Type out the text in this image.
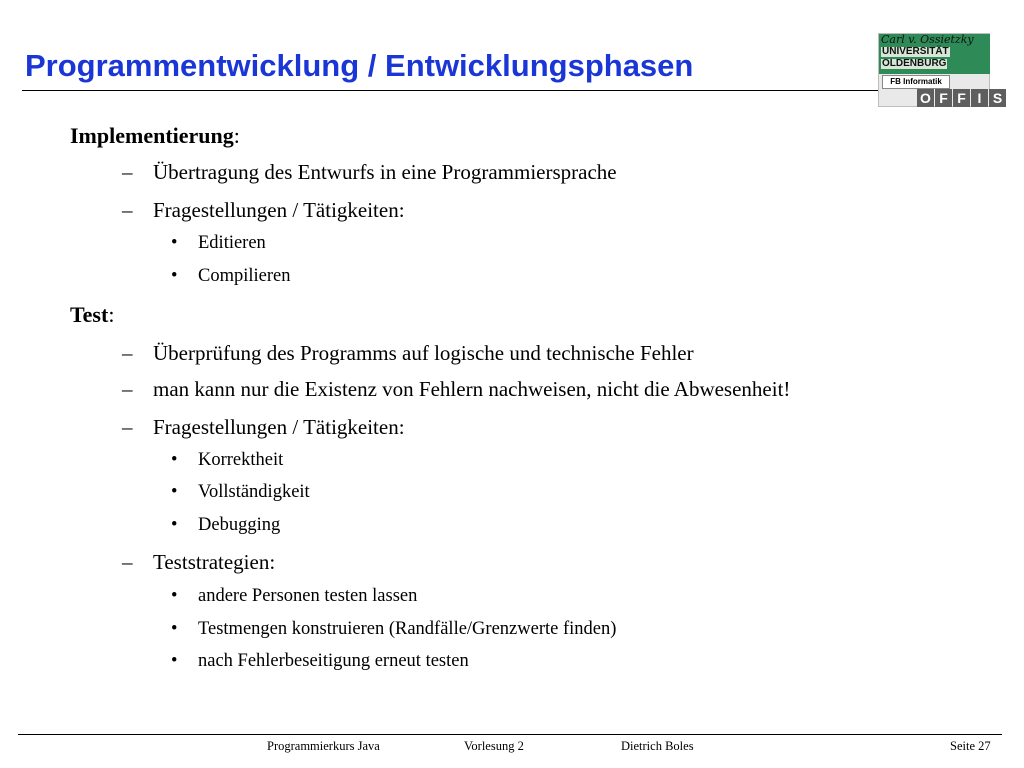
Programmentwicklung / Entwicklungsphasen
Carl v. Ossietzky
UNIVERSITÄT
OLDENBURG
FB Informatik
O F F I S
Implementierung:
– Übertragung des Entwurfs in eine Programmiersprache
– Fragestellungen / Tätigkeiten:
• Editieren
• Compilieren
Test:
– Überprüfung des Programms auf logische und technische Fehler
– man kann nur die Existenz von Fehlern nachweisen, nicht die Abwesenheit!
– Fragestellungen / Tätigkeiten:
• Korrektheit
• Vollständigkeit
• Debugging
– Teststrategien:
• andere Personen testen lassen
• Testmengen konstruieren (Randfälle/Grenzwerte finden)
• nach Fehlerbeseitigung erneut testen
Programmierkurs Java	Vorlesung 2	Dietrich Boles	Seite 27
